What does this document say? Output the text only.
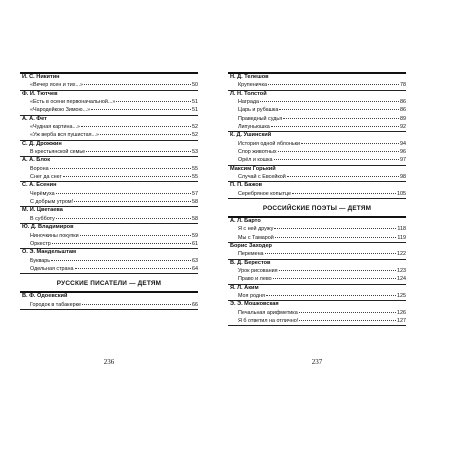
И. С. Никитин
«Вечер ясен и тих...»	50
Ф. И. Тютчев
«Есть в осени первоначальной...»	51
«Чародейкою Зимою...»	51
А. А. Фет
«Чудная картина...»	52
«Уж верба вся пушистая...»	52
С. Д. Дрожжин
В крестьянской семье	53
А. А. Блок
Ворона	55
Снег да снег	55
С. А. Есенин
Черёмуха	57
С добрым утром!	58
М. И. Цветаева
В субботу	58
Ю. Д. Владимиров
Ниночкины покупки	59
Оркестр	61
О. Э. Мандельштам
Букварь	63
Одельная страна	64
РУССКИЕ ПИСАТЕЛИ — ДЕТЯМ
В. Ф. Одоевский
Городок в табакерке	66
Н. Д. Телешов
Крупеничка	78
Л. Н. Толстой
Награда	86
Царь и рубашка	86
Праведный судья	89
Липуньюшка	92
К. Д. Ушинский
История одной яблоньки	94
Спор животных	96
Орёл и кошка	97
Максим Горький
Случай с Евсейкой	98
П. П. Бажов
Серебряное копытце	105
РОССИЙСКИЕ ПОЭТЫ — ДЕТЯМ
А. Л. Барто
Я с ней дружу	118
Мы с Тамарой	119
Борис Заходер
Перемена	122
В. Д. Берестов
Урок рисования	123
Право и лево	124
Я. Л. Аким
Моя родня	125
Э. Э. Мошковская
Печальная арифметика	126
Я б ответил на отлично!	127
236	237
